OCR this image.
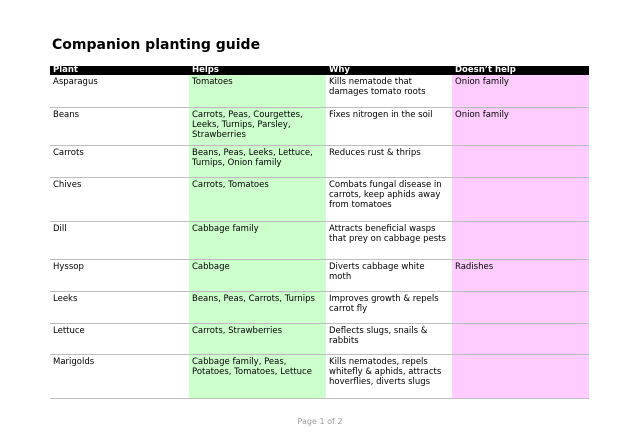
Companion planting guide
Plant	Helps	Why	Doesn’t help
Asparagus	Tomatoes	Kills nematode that damages tomato roots	Onion family
Beans	Carrots, Peas, Courgettes, Leeks, Turnips, Parsley, Strawberries	Fixes nitrogen in the soil	Onion family
Carrots	Beans, Peas, Leeks, Lettuce, Turnips, Onion family	Reduces rust & thrips	
Chives	Carrots, Tomatoes	Combats fungal disease in carrots, keep aphids away from tomatoes	
Dill	Cabbage family	Attracts beneficial wasps that prey on cabbage pests	
Hyssop	Cabbage	Diverts cabbage white moth	Radishes
Leeks	Beans, Peas, Carrots, Turnips	Improves growth & repels carrot fly	
Lettuce	Carrots, Strawberries	Deflects slugs, snails & rabbits	
Marigolds	Cabbage family, Peas, Potatoes, Tomatoes, Lettuce	Kills nematodes, repels whitefly & aphids, attracts hoverflies, diverts slugs	
Page 1 of 2
